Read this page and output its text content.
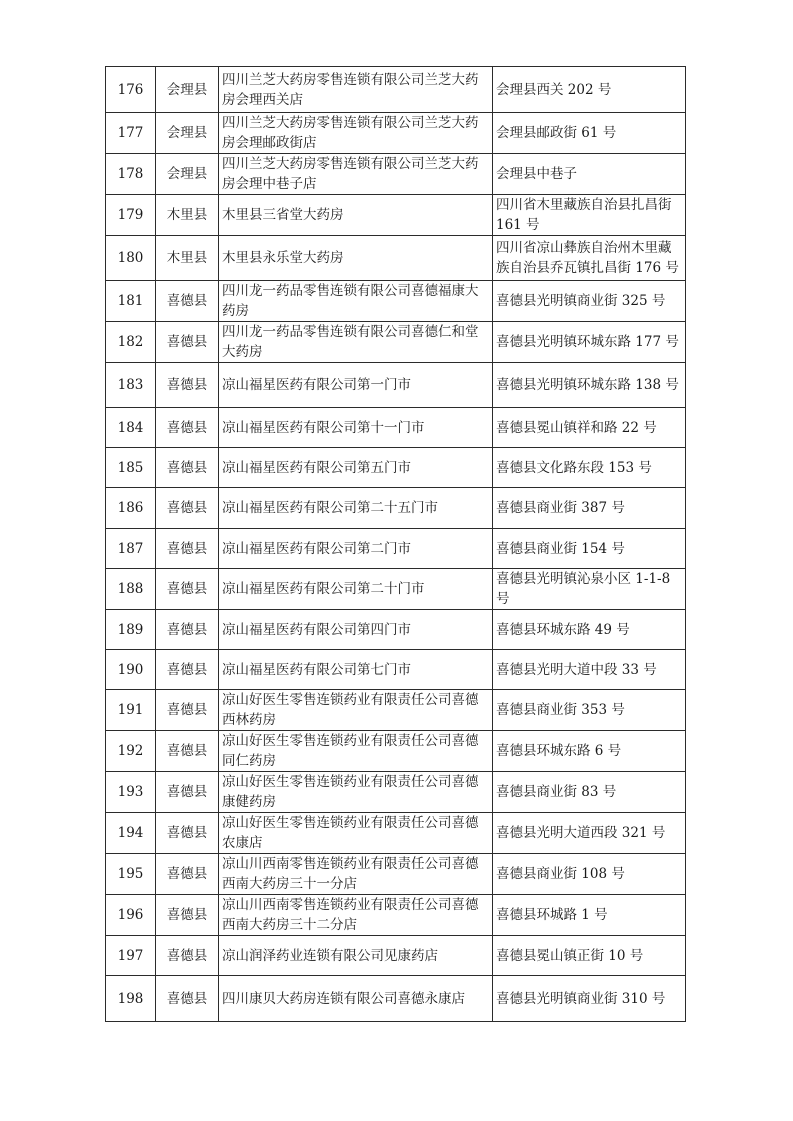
176	会理县	四川兰芝大药房零售连锁有限公司兰芝大药房会理西关店	会理县西关 202 号
177	会理县	四川兰芝大药房零售连锁有限公司兰芝大药房会理邮政街店	会理县邮政街 61 号
178	会理县	四川兰芝大药房零售连锁有限公司兰芝大药房会理中巷子店	会理县中巷子
179	木里县	木里县三省堂大药房	四川省木里藏族自治县扎昌街 161 号
180	木里县	木里县永乐堂大药房	四川省凉山彝族自治州木里藏族自治县乔瓦镇扎昌街 176 号
181	喜德县	四川龙一药品零售连锁有限公司喜德福康大药房	喜德县光明镇商业街 325 号
182	喜德县	四川龙一药品零售连锁有限公司喜德仁和堂大药房	喜德县光明镇环城东路 177 号
183	喜德县	凉山福星医药有限公司第一门市	喜德县光明镇环城东路 138 号
184	喜德县	凉山福星医药有限公司第十一门市	喜德县冕山镇祥和路 22 号
185	喜德县	凉山福星医药有限公司第五门市	喜德县文化路东段 153 号
186	喜德县	凉山福星医药有限公司第二十五门市	喜德县商业街 387 号
187	喜德县	凉山福星医药有限公司第二门市	喜德县商业街 154 号
188	喜德县	凉山福星医药有限公司第二十门市	喜德县光明镇沁泉小区 1-1-8 号
189	喜德县	凉山福星医药有限公司第四门市	喜德县环城东路 49 号
190	喜德县	凉山福星医药有限公司第七门市	喜德县光明大道中段 33 号
191	喜德县	凉山好医生零售连锁药业有限责任公司喜德西林药房	喜德县商业街 353 号
192	喜德县	凉山好医生零售连锁药业有限责任公司喜德同仁药房	喜德县环城东路 6 号
193	喜德县	凉山好医生零售连锁药业有限责任公司喜德康健药房	喜德县商业街 83 号
194	喜德县	凉山好医生零售连锁药业有限责任公司喜德农康店	喜德县光明大道西段 321 号
195	喜德县	凉山川西南零售连锁药业有限责任公司喜德西南大药房三十一分店	喜德县商业街 108 号
196	喜德县	凉山川西南零售连锁药业有限责任公司喜德西南大药房三十二分店	喜德县环城路 1 号
197	喜德县	凉山润泽药业连锁有限公司见康药店	喜德县冕山镇正街 10 号
198	喜德县	四川康贝大药房连锁有限公司喜德永康店	喜德县光明镇商业街 310 号
